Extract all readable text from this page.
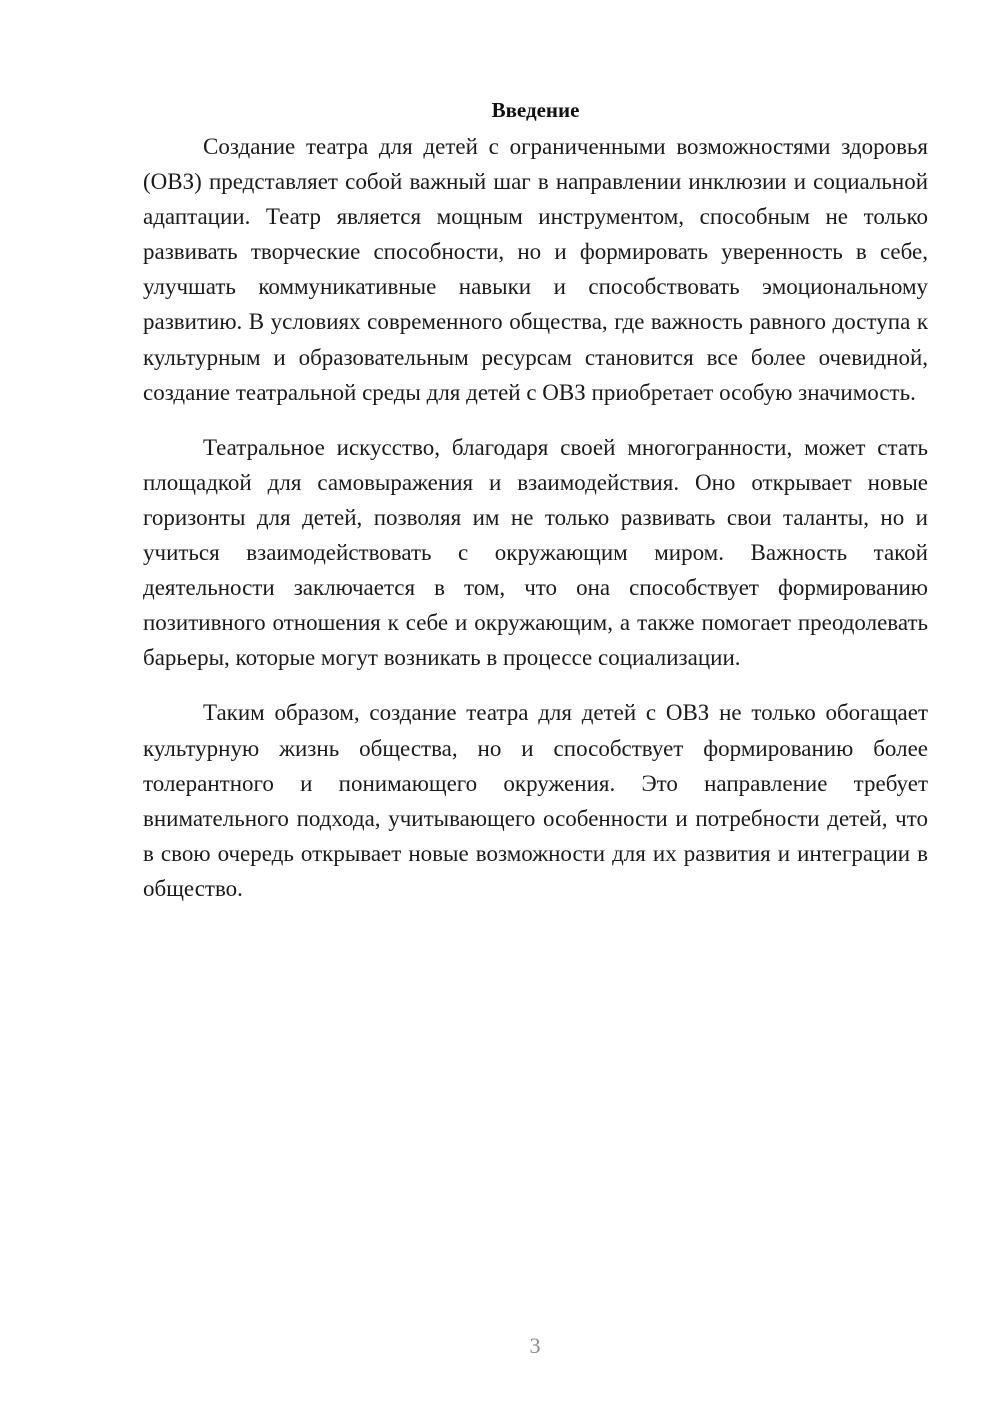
Введение

Создание театра для детей с ограниченными возможностями здоровья (ОВЗ) представляет собой важный шаг в направлении инклюзии и социальной адаптации. Театр является мощным инструментом, способным не только развивать творческие способности, но и формировать уверенность в себе, улучшать коммуникативные навыки и способствовать эмоциональному развитию. В условиях современного общества, где важность равного доступа к культурным и образовательным ресурсам становится все более очевидной, создание театральной среды для детей с ОВЗ приобретает особую значимость.

Театральное искусство, благодаря своей многогранности, может стать площадкой для самовыражения и взаимодействия. Оно открывает новые горизонты для детей, позволяя им не только развивать свои таланты, но и учиться взаимодействовать с окружающим миром. Важность такой деятельности заключается в том, что она способствует формированию позитивного отношения к себе и окружающим, а также помогает преодолевать барьеры, которые могут возникать в процессе социализации.

Таким образом, создание театра для детей с ОВЗ не только обогащает культурную жизнь общества, но и способствует формированию более толерантного и понимающего окружения. Это направление требует внимательного подхода, учитывающего особенности и потребности детей, что в свою очередь открывает новые возможности для их развития и интеграции в общество.

3
